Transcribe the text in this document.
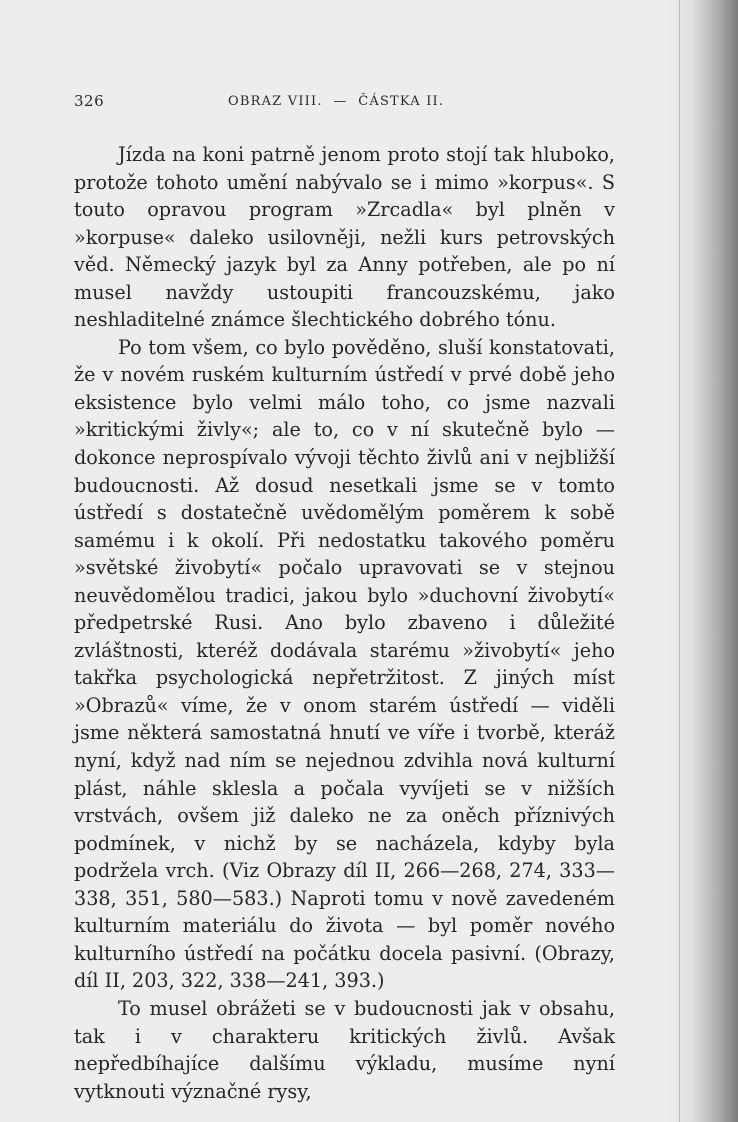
326	OBRAZ VIII.  —  ČÁSTKA II.

Jízda na koni patrně jenom proto stojí tak hluboko, protože tohoto umění nabývalo se i mimo »korpus«. S touto opravou program »Zrcadla« byl plněn v »korpuse« daleko usilovněji, nežli kurs petrovských věd. Německý jazyk byl za Anny potřeben, ale po ní musel navždy ustoupiti francouzskému, jako neshladitelné známce šlechtického dobrého tónu.

Po tom všem, co bylo pověděno, sluší konstatovati, že v novém ruském kulturním ústředí v prvé době jeho eksistence bylo velmi málo toho, co jsme nazvali »kritickými živly«; ale to, co v ní skutečně bylo — dokonce neprospívalo vývoji těchto živlů ani v nejbližší budoucnosti. Až dosud nesetkali jsme se v tomto ústředí s dostatečně uvědomělým poměrem k sobě samému i k okolí. Při nedostatku takového poměru »světské živobytí« počalo upravovati se v stejnou neuvědomělou tradici, jakou bylo »duchovní živobytí« předpetrské Rusi. Ano bylo zbaveno i důležité zvláštnosti, kteréž dodávala starému »živobytí« jeho takřka psychologická nepřetržitost. Z jiných míst »Obrazů« víme, že v onom starém ústředí — viděli jsme některá samostatná hnutí ve víře i tvorbě, kteráž nyní, když nad ním se nejednou zdvihla nová kulturní plást, náhle sklesla a počala vyvíjeti se v nižších vrstvách, ovšem již daleko ne za oněch příznivých podmínek, v nichž by se nacházela, kdyby byla podržela vrch. (Viz Obrazy díl II, 266—268, 274, 333—338, 351, 580—583.) Naproti tomu v nově zavedeném kulturním materiálu do života — byl poměr nového kulturního ústředí na počátku docela pasivní. (Obrazy, díl II, 203, 322, 338—241, 393.)

To musel obrážeti se v budoucnosti jak v obsahu, tak i v charakteru kritických živlů. Avšak nepředbíhajíce dalšímu výkladu, musíme nyní vytknouti význačné rysy,
